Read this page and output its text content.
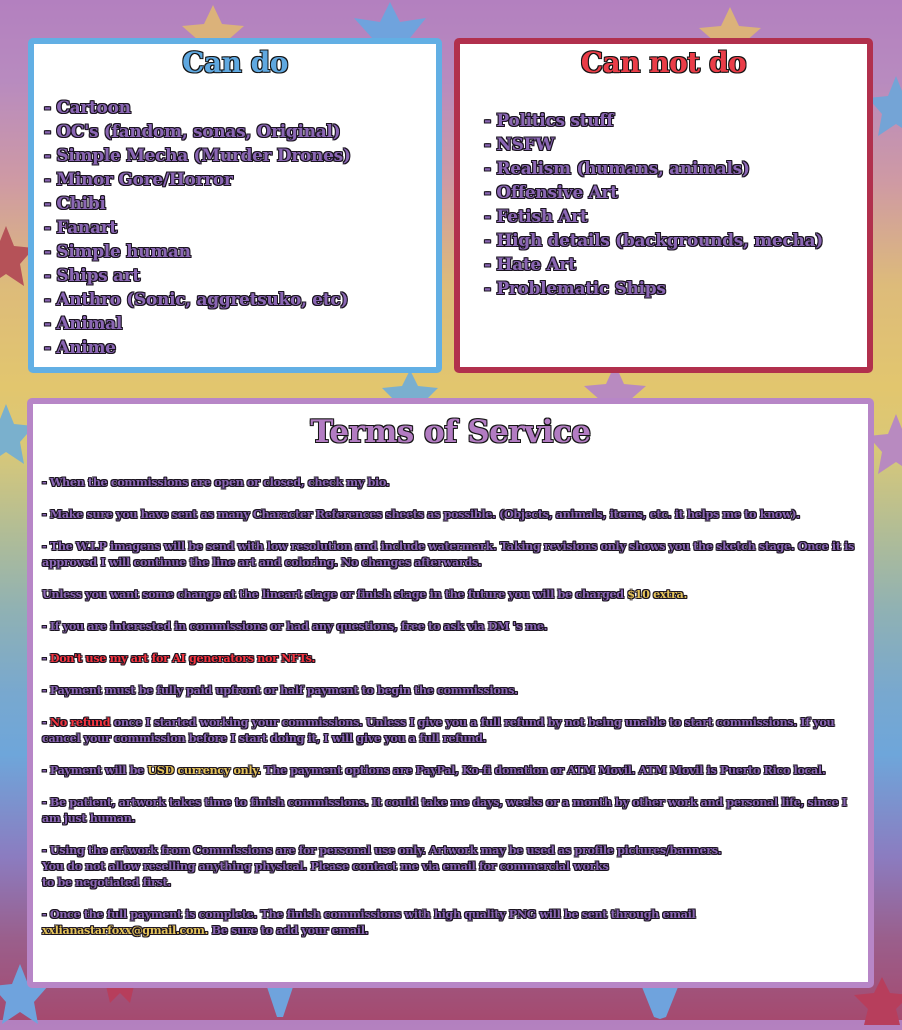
Can do
- Cartoon
- OC's (fandom, sonas, Original)
- Simple Mecha (Murder Drones)
- Minor Gore/Horror
- Chibi
- Fanart
- Simple human
- Ships art
- Anthro (Sonic, aggretsuko, etc)
- Animal
- Anime
Can not do
- Politics stuff
- NSFW
- Realism (humans, animals)
- Offensive Art
- Fetish Art
- High details (backgrounds, mecha)
- Hate Art
- Problematic Ships
Terms of Service

- When the commissions are open or closed, check my bio.

- Make sure you have sent as many Character References sheets as possible. (Objects, animals, items, etc. it helps me to know).

- The W.I.P imagens will be send with low resolution and include watermark. Taking revisions only shows you the sketch stage. Once it is approved I will continue the line art and coloring. No changes afterwards.

Unless you want some change at the lineart stage or finish stage in the future you will be charged $10 extra.

- If you are interested in commissions or had any questions, free to ask via DM 's me.

- Don't use my art for AI generators nor NFTs.

- Payment must be fully paid upfront or half payment to begin the commissions.

- No refund once I started working your commissions. Unless I give you a full refund by not being unable to start commissions. If you cancel your commission before I start doing it, I will give you a full refund.

- Payment will be USD currency only. The payment options are PayPal, Ko-fi donation or ATM Movil. ATM Movil is Puerto Rico local.

- Be patient, artwork takes time to finish commissions. It could take me days, weeks or a month by other work and personal life, since I am just human.

- Using the artwork from Commissions are for personal use only. Artwork may be used as profile pictures/banners.
You do not allow reselling anything physical. Please contact me via email for commercial works
to be negotiated first.

- Once the full payment is complete. The finish commissions with high quality PNG will be sent through email
xxlianastarfoxx@gmail.com. Be sure to add your email.
